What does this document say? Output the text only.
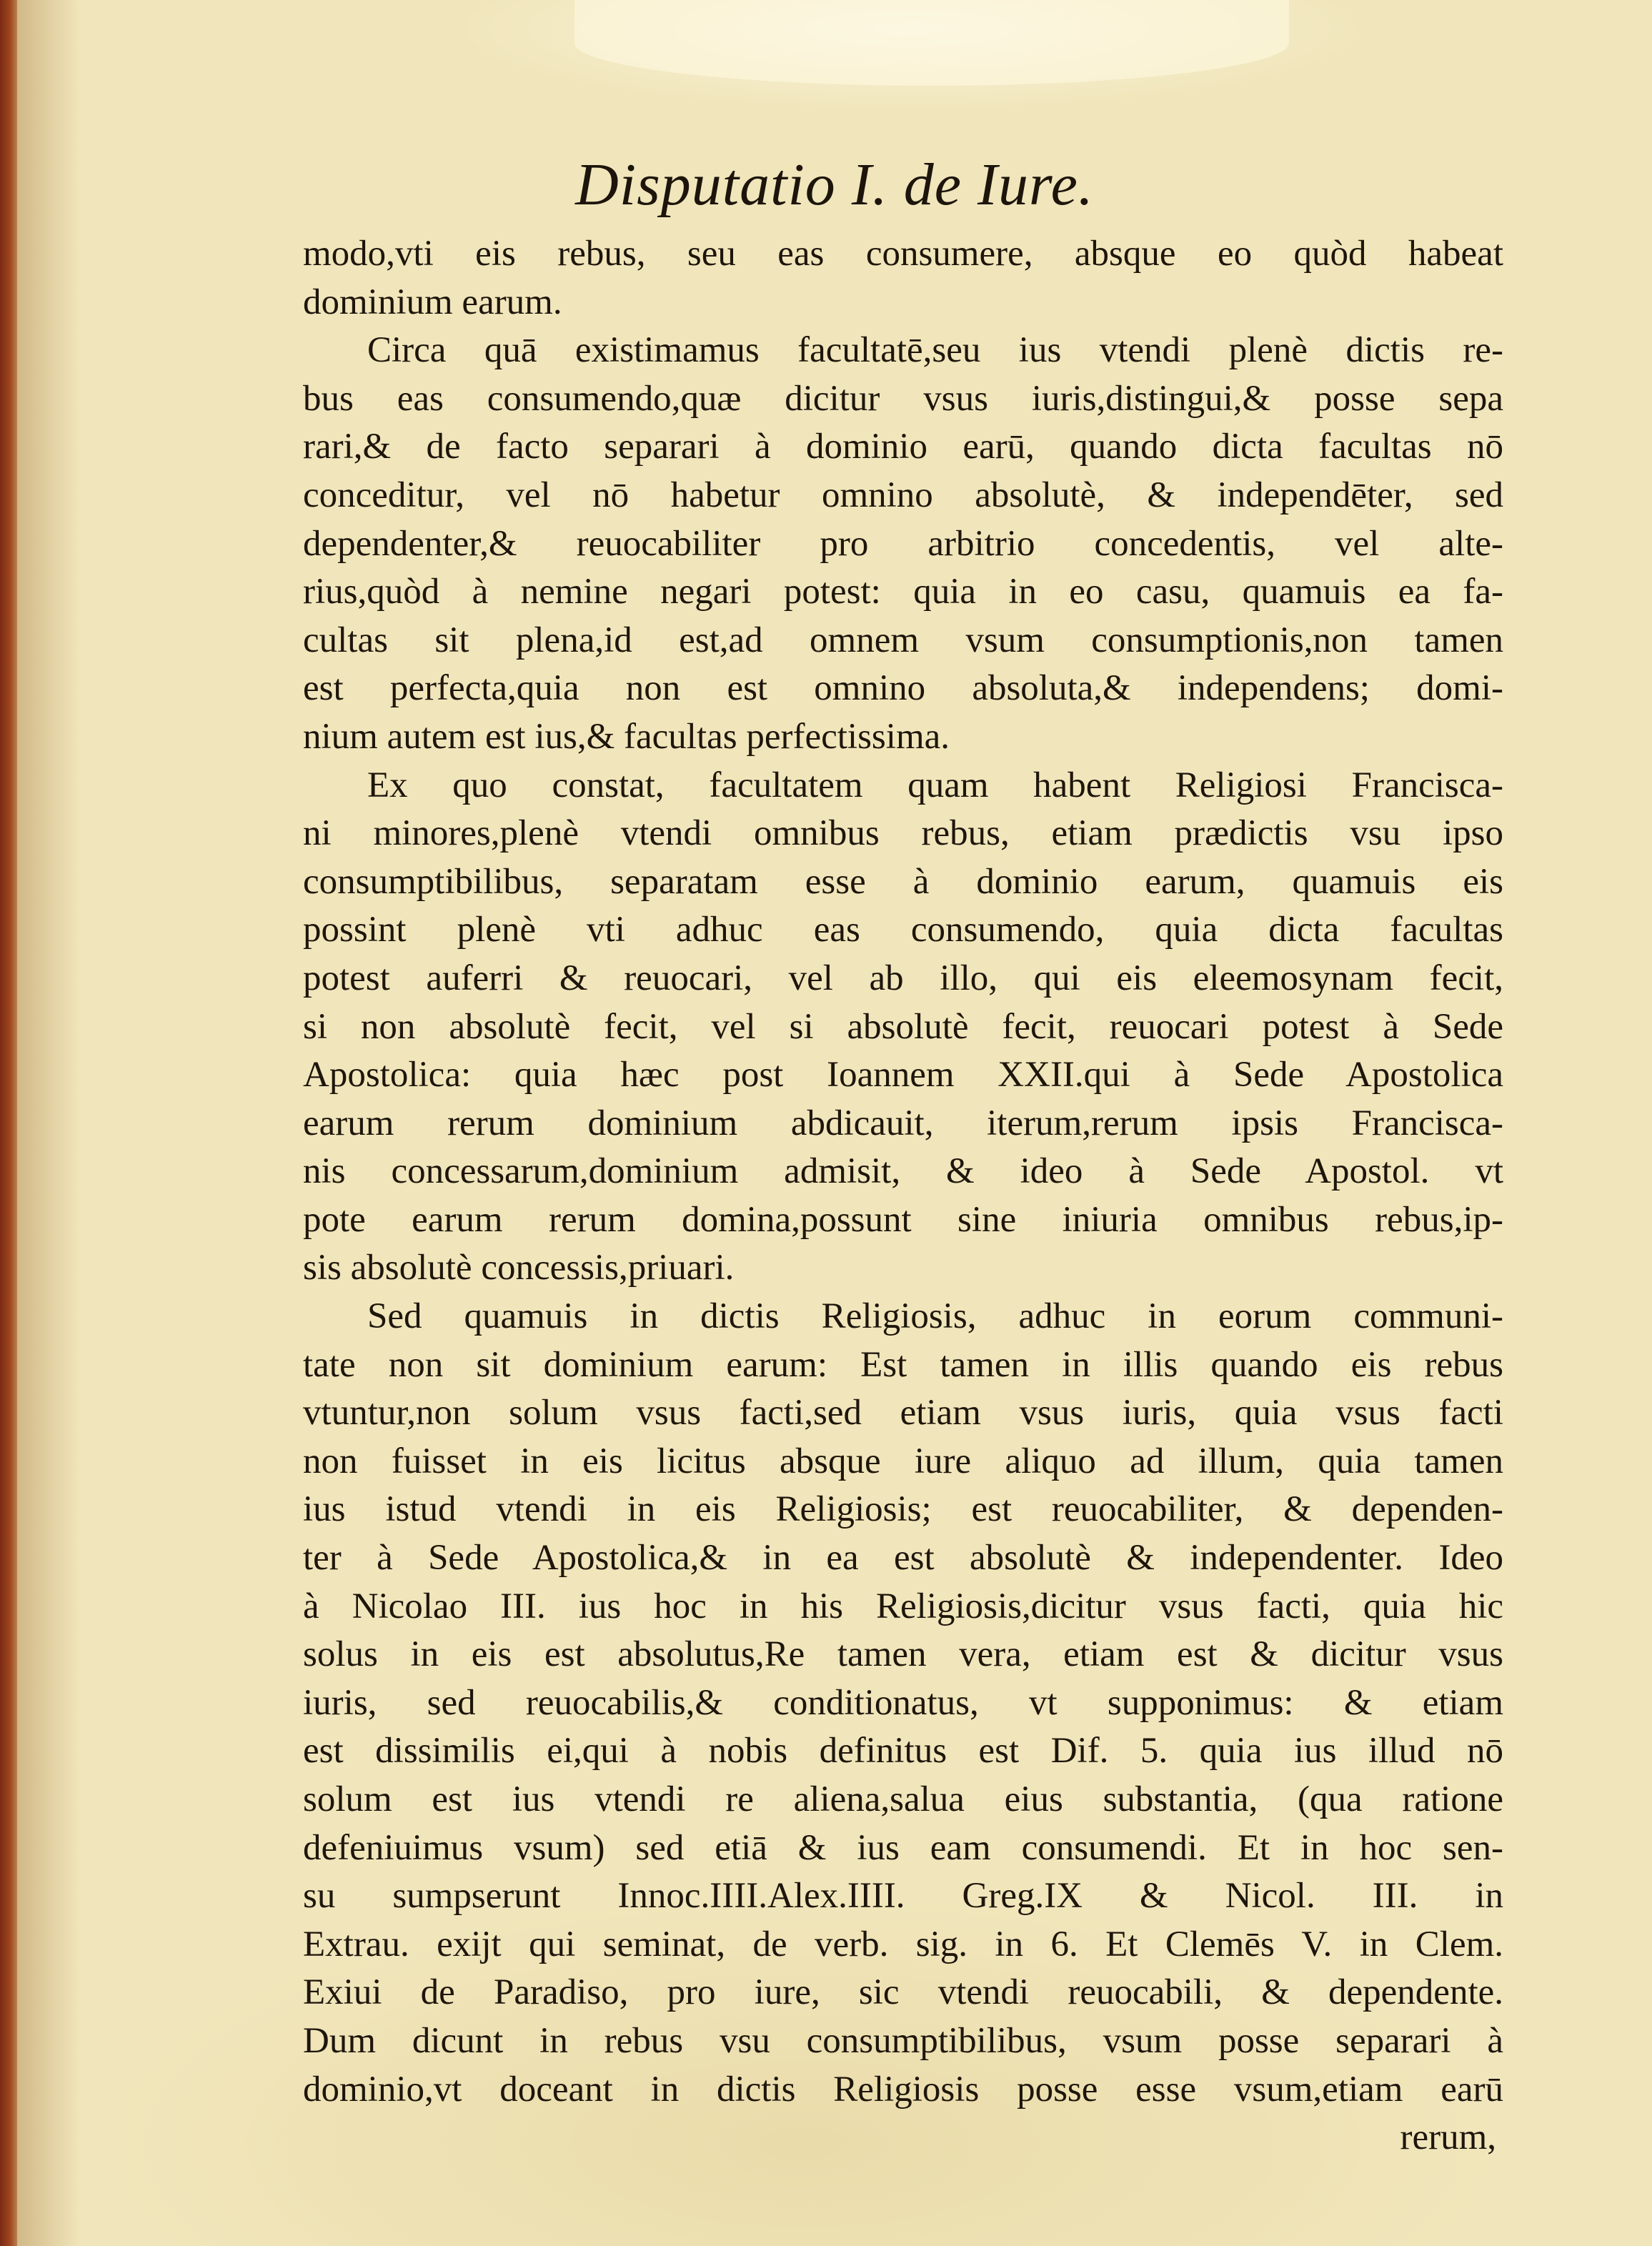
Disputatio I. de Iure.
modo,vti eis rebus, seu eas consumere, absque eo quòd habeat
dominium earum.
Circa quā existimamus facultatē,seu ius vtendi plenè dictis re-
bus eas consumendo,quæ dicitur vsus iuris,distingui,& posse sepa
rari,& de facto separari à dominio earū, quando dicta facultas nō
conceditur, vel nō habetur omnino absolutè, & independēter, sed
dependenter,& reuocabiliter pro arbitrio concedentis, vel alte-
rius,quòd à nemine negari potest: quia in eo casu, quamuis ea fa-
cultas sit plena,id est,ad omnem vsum consumptionis,non tamen
est perfecta,quia non est omnino absoluta,& independens; domi-
nium autem est ius,& facultas perfectissima.
Ex quo constat, facultatem quam habent Religiosi Francisca-
ni minores,plenè vtendi omnibus rebus, etiam prædictis vsu ipso
consumptibilibus, separatam esse à dominio earum, quamuis eis
possint plenè vti adhuc eas consumendo, quia dicta facultas
potest auferri & reuocari, vel ab illo, qui eis eleemosynam fecit,
si non absolutè fecit, vel si absolutè fecit, reuocari potest à Sede
Apostolica: quia hæc post Ioannem XXII.qui à Sede Apostolica
earum rerum dominium abdicauit, iterum,rerum ipsis Francisca-
nis concessarum,dominium admisit, & ideo à Sede Apostol. vt
pote earum rerum domina,possunt sine iniuria omnibus rebus,ip-
sis absolutè concessis,priuari.
Sed quamuis in dictis Religiosis, adhuc in eorum communi-
tate non sit dominium earum: Est tamen in illis quando eis rebus
vtuntur,non solum vsus facti,sed etiam vsus iuris, quia vsus facti
non fuisset in eis licitus absque iure aliquo ad illum, quia tamen
ius istud vtendi in eis Religiosis; est reuocabiliter, & dependen-
ter à Sede Apostolica,& in ea est absolutè & independenter. Ideo
à Nicolao III. ius hoc in his Religiosis,dicitur vsus facti, quia hic
solus in eis est absolutus,Re tamen vera, etiam est & dicitur vsus
iuris, sed reuocabilis,& conditionatus, vt supponimus: & etiam
est dissimilis ei,qui à nobis definitus est Dif. 5. quia ius illud nō
solum est ius vtendi re aliena,salua eius substantia, (qua ratione
defeniuimus vsum) sed etiā & ius eam consumendi. Et in hoc sen-
su sumpserunt Innoc.IIII.Alex.IIII. Greg.IX & Nicol. III. in
Extrau. exijt qui seminat, de verb. sig. in 6. Et Clemēs V. in Clem.
Exiui de Paradiso, pro iure, sic vtendi reuocabili, & dependente.
Dum dicunt in rebus vsu consumptibilibus, vsum posse separari à
dominio,vt doceant in dictis Religiosis posse esse vsum,etiam earū
rerum,
